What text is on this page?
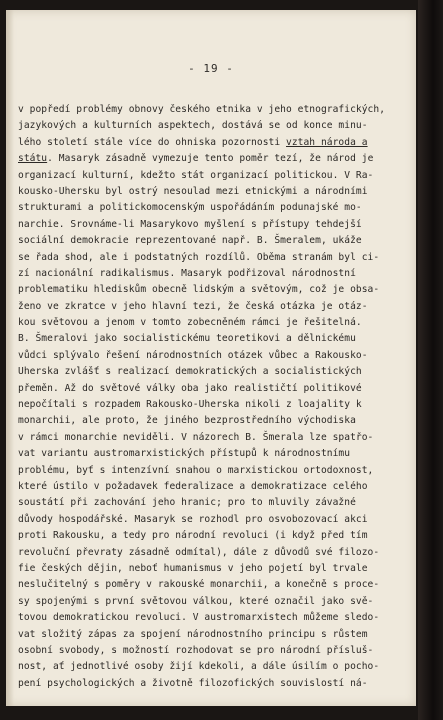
- 19 -
v popředí problémy obnovy českého etnika v jeho etnografických,
jazykových a kulturních aspektech, dostává se od konce minu-
lého století stále více do ohniska pozornosti vztah národa a
státu. Masaryk zásadně vymezuje tento poměr tezí, že národ je
organizací kulturní, kdežto stát organizací politickou. V Ra-
kousko-Uhersku byl ostrý nesoulad mezi etnickými a národními
strukturami a politickomocenským uspořádáním podunajské mo-
narchie. Srovnáme-li Masarykovo myšlení s přístupy tehdejší
sociální demokracie reprezentované např. B. Šmeralem, ukáže
se řada shod, ale i podstatných rozdílů. Oběma stranám byl ci-
zí nacionální radikalismus. Masaryk podřizoval národnostní
problematiku hlediskům obecně lidským a světovým, což je obsa-
ženo ve zkratce v jeho hlavní tezi, že česká otázka je otáz-
kou světovou a jenom v tomto zobecněném rámci je řešitelná.
B. Šmeralovi jako socialistickému teoretikovi a dělnickému
vůdci splývalo řešení národnostních otázek vůbec a Rakousko-
Uherska zvlášť s realizací demokratických a socialistických
přeměn. Až do světové války oba jako realističtí politikové
nepočítali s rozpadem Rakousko-Uherska nikoli z loajality k
monarchii, ale proto, že jiného bezprostředního východiska
v rámci monarchie neviděli. V názorech B. Šmerala lze spatřo-
vat variantu austromarxistických přístupů k národnostnímu
problému, byť s intenzívní snahou o marxistickou ortodoxnost,
které ústilo v požadavek federalizace a demokratizace celého
soustátí při zachování jeho hranic; pro to mluvily závažné
důvody hospodářské. Masaryk se rozhodl pro osvobozovací akci
proti Rakousku, a tedy pro národní revoluci (i když před tím
revoluční převraty zásadně odmítal), dále z důvodů své filozo-
fie českých dějin, neboť humanismus v jeho pojetí byl trvale
neslučitelný s poměry v rakouské monarchii, a konečně s proce-
sy spojenými s první světovou válkou, které označil jako svě-
tovou demokratickou revoluci. V austromarxistech můžeme sledo-
vat složitý zápas za spojení národnostního principu s růstem
osobní svobody, s možností rozhodovat se pro národní přísluš-
nost, ať jednotlivé osoby žijí kdekoli, a dále úsilím o pocho-
pení psychologických a životně filozofických souvislostí ná-
